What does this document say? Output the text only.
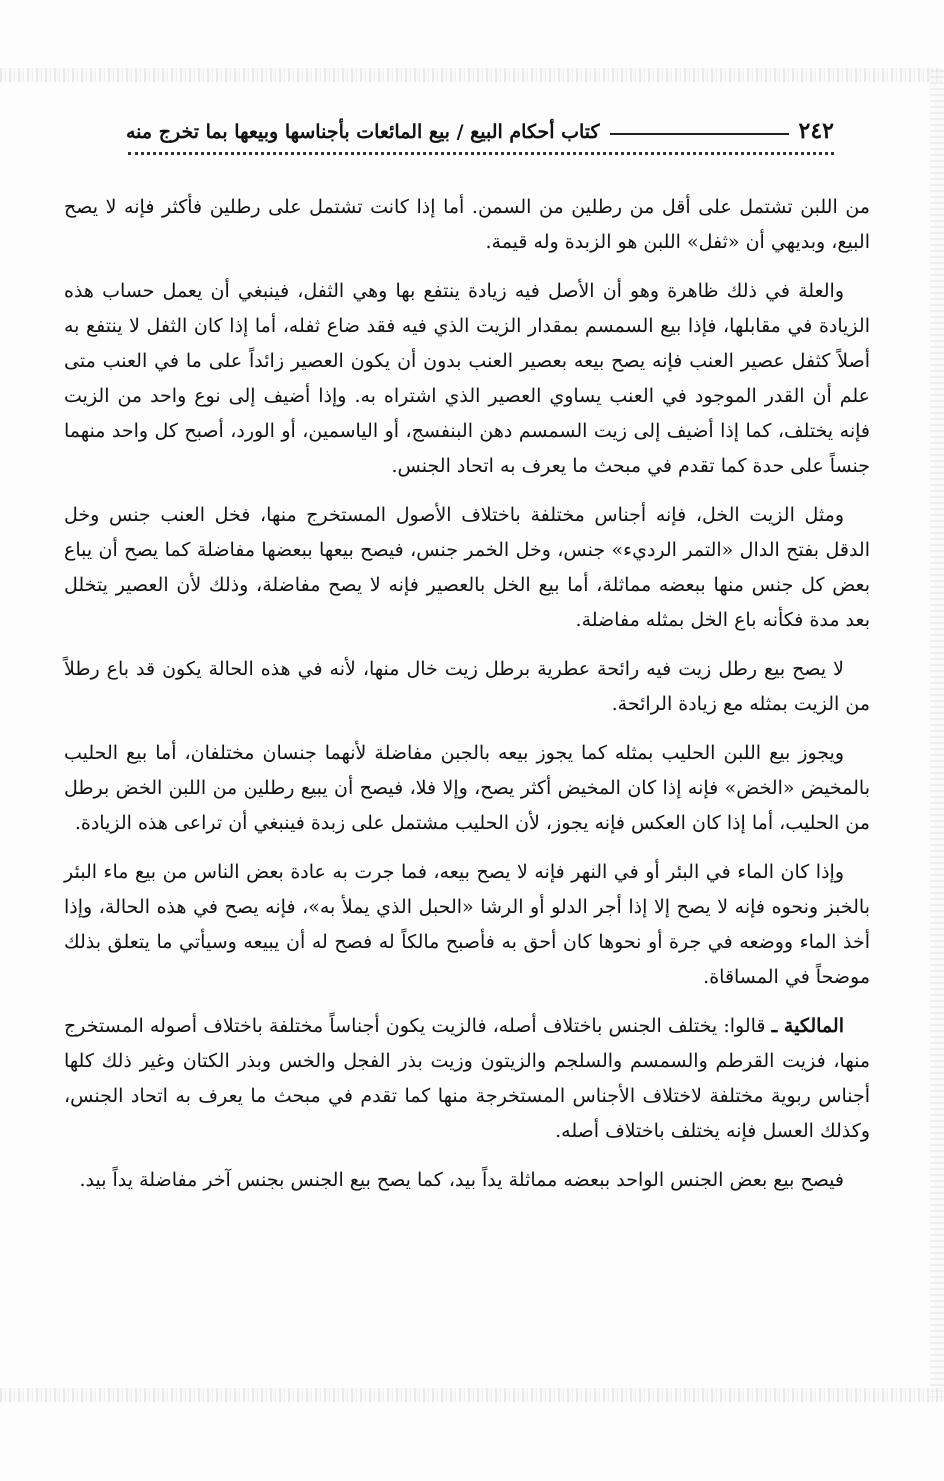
٢٤٢
كتاب أحكام البيع / بيع المائعات بأجناسها وبيعها بما تخرج منه

من اللبن تشتمل على أقل من رطلين من السمن. أما إذا كانت تشتمل على رطلين فأكثر فإنه لا يصح البيع، وبديهي أن «ثفل» اللبن هو الزبدة وله قيمة.

والعلة في ذلك ظاهرة وهو أن الأصل فيه زيادة ينتفع بها وهي الثفل، فينبغي أن يعمل حساب هذه الزيادة في مقابلها، فإذا بيع السمسم بمقدار الزيت الذي فيه فقد ضاع ثفله، أما إذا كان الثفل لا ينتفع به أصلاً كثفل عصير العنب فإنه يصح بيعه بعصير العنب بدون أن يكون العصير زائداً على ما في العنب متى علم أن القدر الموجود في العنب يساوي العصير الذي اشتراه به. وإذا أضيف إلى نوع واحد من الزيت فإنه يختلف، كما إذا أضيف إلى زيت السمسم دهن البنفسج، أو الياسمين، أو الورد، أصبح كل واحد منهما جنساً على حدة كما تقدم في مبحث ما يعرف به اتحاد الجنس.

ومثل الزيت الخل، فإنه أجناس مختلفة باختلاف الأصول المستخرج منها، فخل العنب جنس وخل الدقل بفتح الدال «التمر الرديء» جنس، وخل الخمر جنس، فيصح بيعها ببعضها مفاضلة كما يصح أن يباع بعض كل جنس منها ببعضه مماثلة، أما بيع الخل بالعصير فإنه لا يصح مفاضلة، وذلك لأن العصير يتخلل بعد مدة فكأنه باع الخل بمثله مفاضلة.

لا يصح بيع رطل زيت فيه رائحة عطرية برطل زيت خال منها، لأنه في هذه الحالة يكون قد باع رطلاً من الزيت بمثله مع زيادة الرائحة.

ويجوز بيع اللبن الحليب بمثله كما يجوز بيعه بالجبن مفاضلة لأنهما جنسان مختلفان، أما بيع الحليب بالمخيض «الخض» فإنه إذا كان المخيض أكثر يصح، وإلا فلا، فيصح أن يبيع رطلين من اللبن الخض برطل من الحليب، أما إذا كان العكس فإنه يجوز، لأن الحليب مشتمل على زبدة فينبغي أن تراعى هذه الزيادة.

وإذا كان الماء في البئر أو في النهر فإنه لا يصح بيعه، فما جرت به عادة بعض الناس من بيع ماء البئر بالخبز ونحوه فإنه لا يصح إلا إذا أجر الدلو أو الرشا «الحبل الذي يملأ به»، فإنه يصح في هذه الحالة، وإذا أخذ الماء ووضعه في جرة أو نحوها كان أحق به فأصبح مالكاً له فصح له أن يبيعه وسيأتي ما يتعلق بذلك موضحاً في المساقاة.

المالكية ـ قالوا: يختلف الجنس باختلاف أصله، فالزيت يكون أجناساً مختلفة باختلاف أصوله المستخرج منها، فزيت القرطم والسمسم والسلجم والزيتون وزيت بذر الفجل والخس وبذر الكتان وغير ذلك كلها أجناس ربوية مختلفة لاختلاف الأجناس المستخرجة منها كما تقدم في مبحث ما يعرف به اتحاد الجنس، وكذلك العسل فإنه يختلف باختلاف أصله.

فيصح بيع بعض الجنس الواحد ببعضه مماثلة يداً بيد، كما يصح بيع الجنس بجنس آخر مفاضلة يداً بيد.
